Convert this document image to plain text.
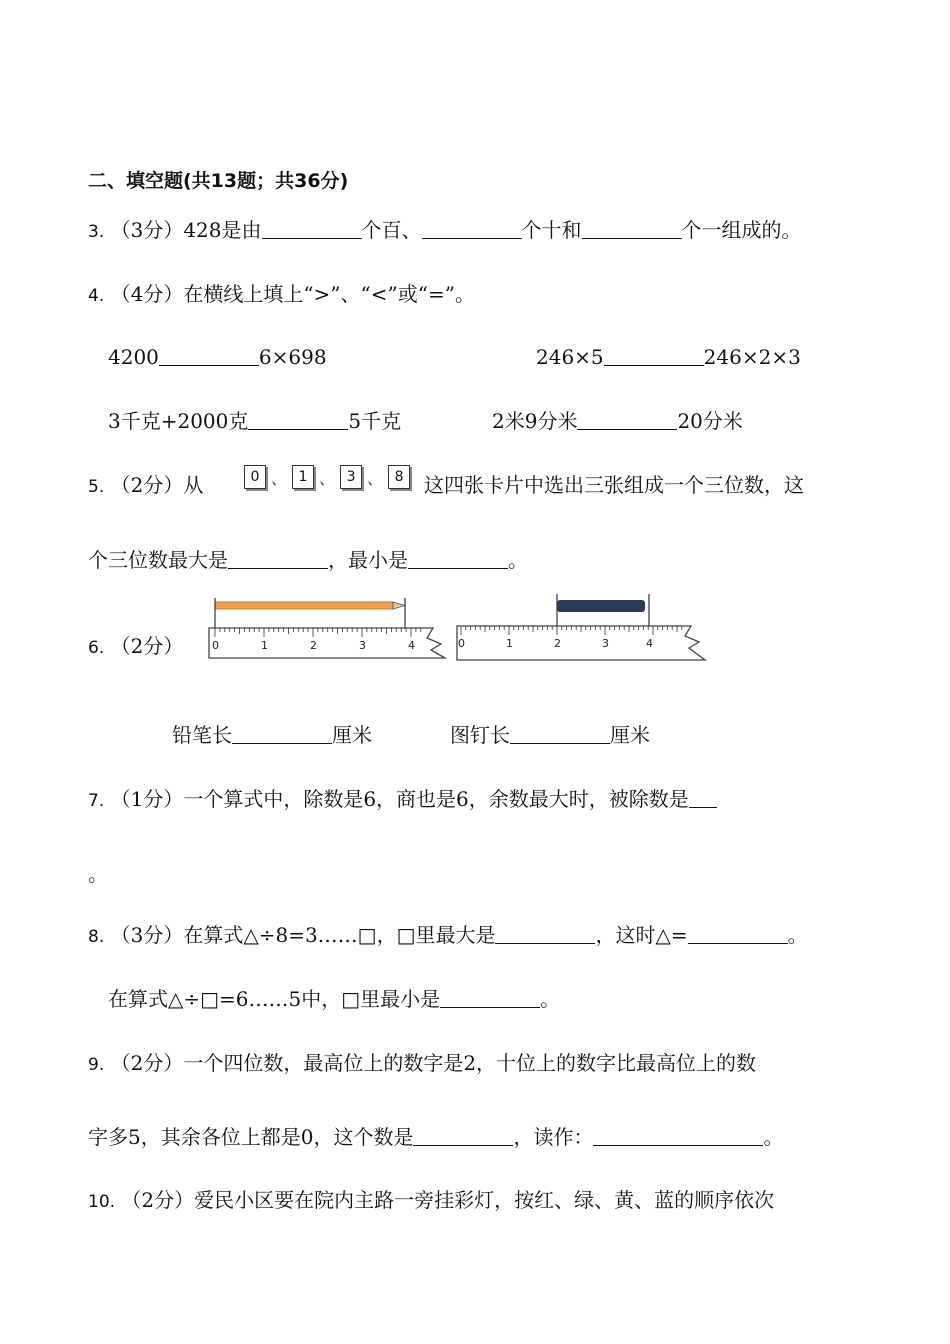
二、填空题(共13题；共36分)
3. （3分）428是由	个百、	个十和	个一组成的。
4. （4分）在横线上填上“>”、“<”或“=”。
4200	6×698	246×5	246×2×3
3千克+2000克	5千克	2米9分米	20分米
5. （2分）从	0 、 1 、 3 、 8	这四张卡片中选出三张组成一个三位数，这
个三位数最大是	，最小是	。
6. （2分）	0	1	2	3	4	0	1	2	3	4
铅笔长	厘米	图钉长	厘米
7. （1分）一个算式中，除数是6，商也是6，余数最大时，被除数是
。
8. （3分）在算式△÷8=3……□，□里最大是	，这时△=	。
在算式△÷□=6……5中，□里最小是	。
9. （2分）一个四位数，最高位上的数字是2，十位上的数字比最高位上的数
字多5，其余各位上都是0，这个数是	，读作：	。
10. （2分）爱民小区要在院内主路一旁挂彩灯，按红、绿、黄、蓝的顺序依次
